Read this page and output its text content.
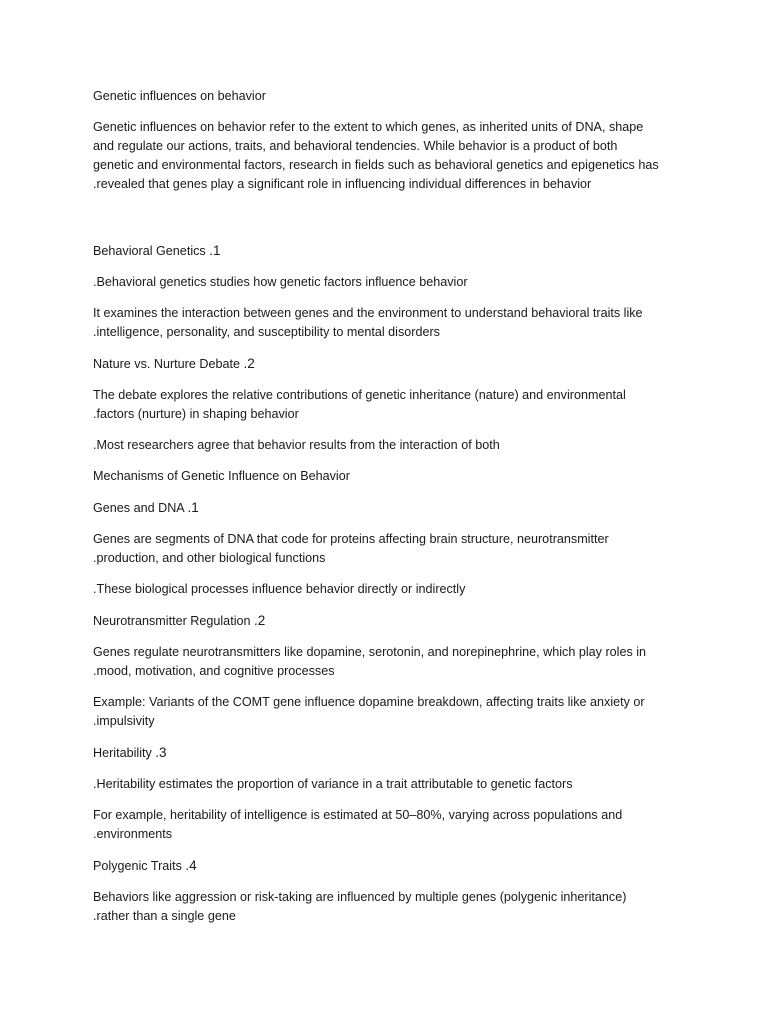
Genetic influences on behavior
Genetic influences on behavior refer to the extent to which genes, as inherited units of DNA, shape
and regulate our actions, traits, and behavioral tendencies. While behavior is a product of both
genetic and environmental factors, research in fields such as behavioral genetics and epigenetics has
.revealed that genes play a significant role in influencing individual differences in behavior
Behavioral Genetics .1
.Behavioral genetics studies how genetic factors influence behavior
It examines the interaction between genes and the environment to understand behavioral traits like
.intelligence, personality, and susceptibility to mental disorders
Nature vs. Nurture Debate .2
The debate explores the relative contributions of genetic inheritance (nature) and environmental
.factors (nurture) in shaping behavior
.Most researchers agree that behavior results from the interaction of both
Mechanisms of Genetic Influence on Behavior
Genes and DNA .1
Genes are segments of DNA that code for proteins affecting brain structure, neurotransmitter
.production, and other biological functions
.These biological processes influence behavior directly or indirectly
Neurotransmitter Regulation .2
Genes regulate neurotransmitters like dopamine, serotonin, and norepinephrine, which play roles in
.mood, motivation, and cognitive processes
Example: Variants of the COMT gene influence dopamine breakdown, affecting traits like anxiety or
.impulsivity
Heritability .3
.Heritability estimates the proportion of variance in a trait attributable to genetic factors
For example, heritability of intelligence is estimated at 50–80%, varying across populations and
.environments
Polygenic Traits .4
Behaviors like aggression or risk-taking are influenced by multiple genes (polygenic inheritance)
.rather than a single gene
